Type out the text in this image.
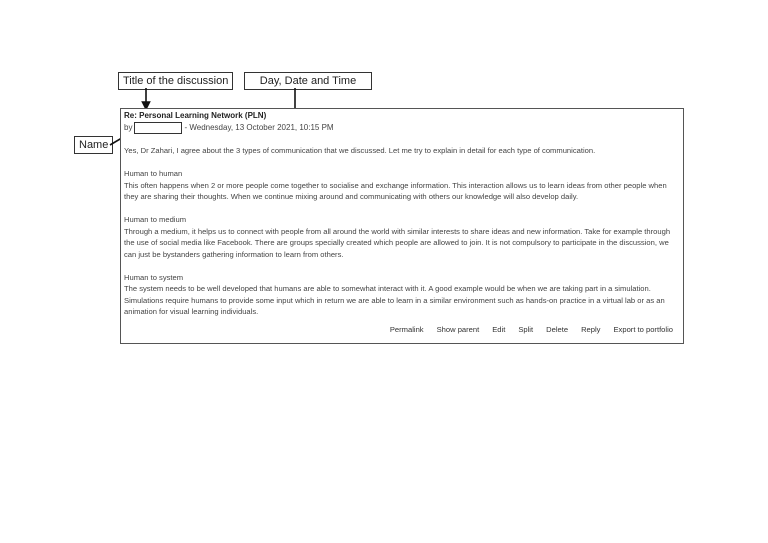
Title of the discussion	Day, Date and Time
Name
Re: Personal Learning Network (PLN)
by	- Wednesday, 13 October 2021, 10:15 PM

Yes, Dr Zahari, I agree about the 3 types of communication that we discussed. Let me try to explain in detail for each type of communication.

Human to human

This often happens when 2 or more people come together to socialise and exchange information. This interaction allows us to learn ideas from other people when they are sharing their thoughts. When we continue mixing around and communicating with others our knowledge will also develop daily.

Human to medium

Through a medium, it helps us to connect with people from all around the world with similar interests to share ideas and new information. Take for example through the use of social media like Facebook. There are groups specially created which people are allowed to join. It is not compulsory to participate in the discussion, we can just be bystanders gathering information to learn from others.

Human to system

The system needs to be well developed that humans are able to somewhat interact with it. A good example would be when we are taking part in a simulation. Simulations require humans to provide some input which in return we are able to learn in a similar environment such as hands-on practice in a virtual lab or as an animation for visual learning individuals.

Permalink Show parent Edit Split Delete Reply Export to portfolio
